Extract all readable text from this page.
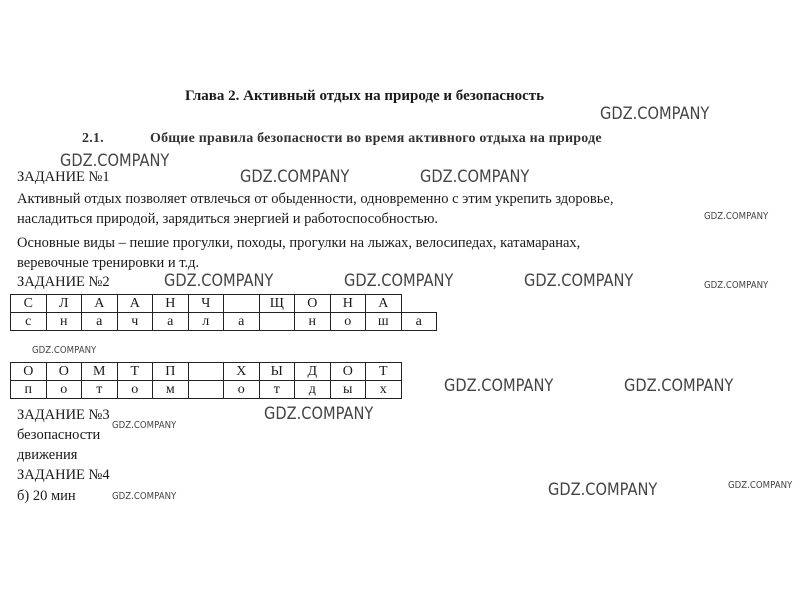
Глава 2. Активный отдых на природе и безопасность
2.1.	Общие правила безопасности во время активного отдыха на природе
ЗАДАНИЕ №1
Активный отдых позволяет отвлечься от обыденности, одновременно с этим укрепить здоровье,
насладиться природой, зарядиться энергией и работоспособностью.
Основные виды – пешие прогулки, походы, прогулки на лыжах, велосипедах, катамаранах,
веревочные тренировки и т.д.
ЗАДАНИЕ №2
С	Л	А	А	Н	Ч		Щ	О	Н	А	
с	н	а	ч	а	л	а		н	о	ш	а
О	О	М	Т	П		Х	Ы	Д	О	Т
п	о	т	о	м		о	т	д	ы	х
ЗАДАНИЕ №3
безопасности
движения
ЗАДАНИЕ №4
б) 20 мин
GDZ.COMPANY
GDZ.COMPANY
GDZ.COMPANY	GDZ.COMPANY
GDZ.COMPANY
GDZ.COMPANY	GDZ.COMPANY	GDZ.COMPANY	GDZ.COMPANY
GDZ.COMPANY
GDZ.COMPANY	GDZ.COMPANY
GDZ.COMPANY
GDZ.COMPANY
GDZ.COMPANY	GDZ.COMPANY
GDZ.COMPANY
